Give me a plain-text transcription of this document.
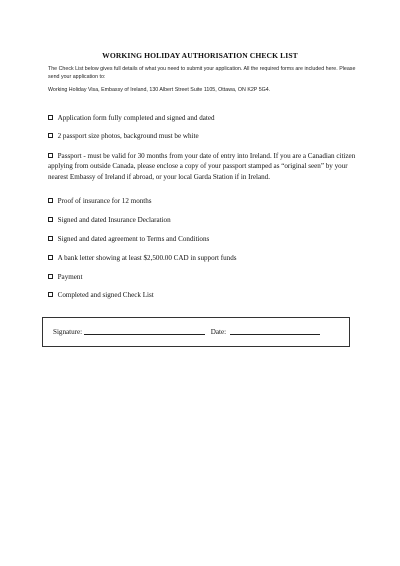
WORKING HOLIDAY AUTHORISATION CHECK LIST
The Check List below gives full details of what you need to submit your application. All the required forms are included here. Please send your application to:
Working Holiday Visa, Embassy of Ireland, 130 Albert Street Suite 1105, Ottawa, ON K2P 5G4.
Application form fully completed and signed and dated
2 passport size photos, background must be white
Passport - must be valid for 30 months from your date of entry into Ireland. If you are a Canadian citizen applying from outside Canada, please enclose a copy of your passport stamped as “original seen” by your nearest Embassy of Ireland if abroad, or your local Garda Station if in Ireland.
Proof of insurance for 12 months
Signed and dated Insurance Declaration
Signed and dated agreement to Terms and Conditions
A bank letter showing at least $2,500.00 CAD in support funds
Payment
Completed and signed Check List
Signature:	Date:
